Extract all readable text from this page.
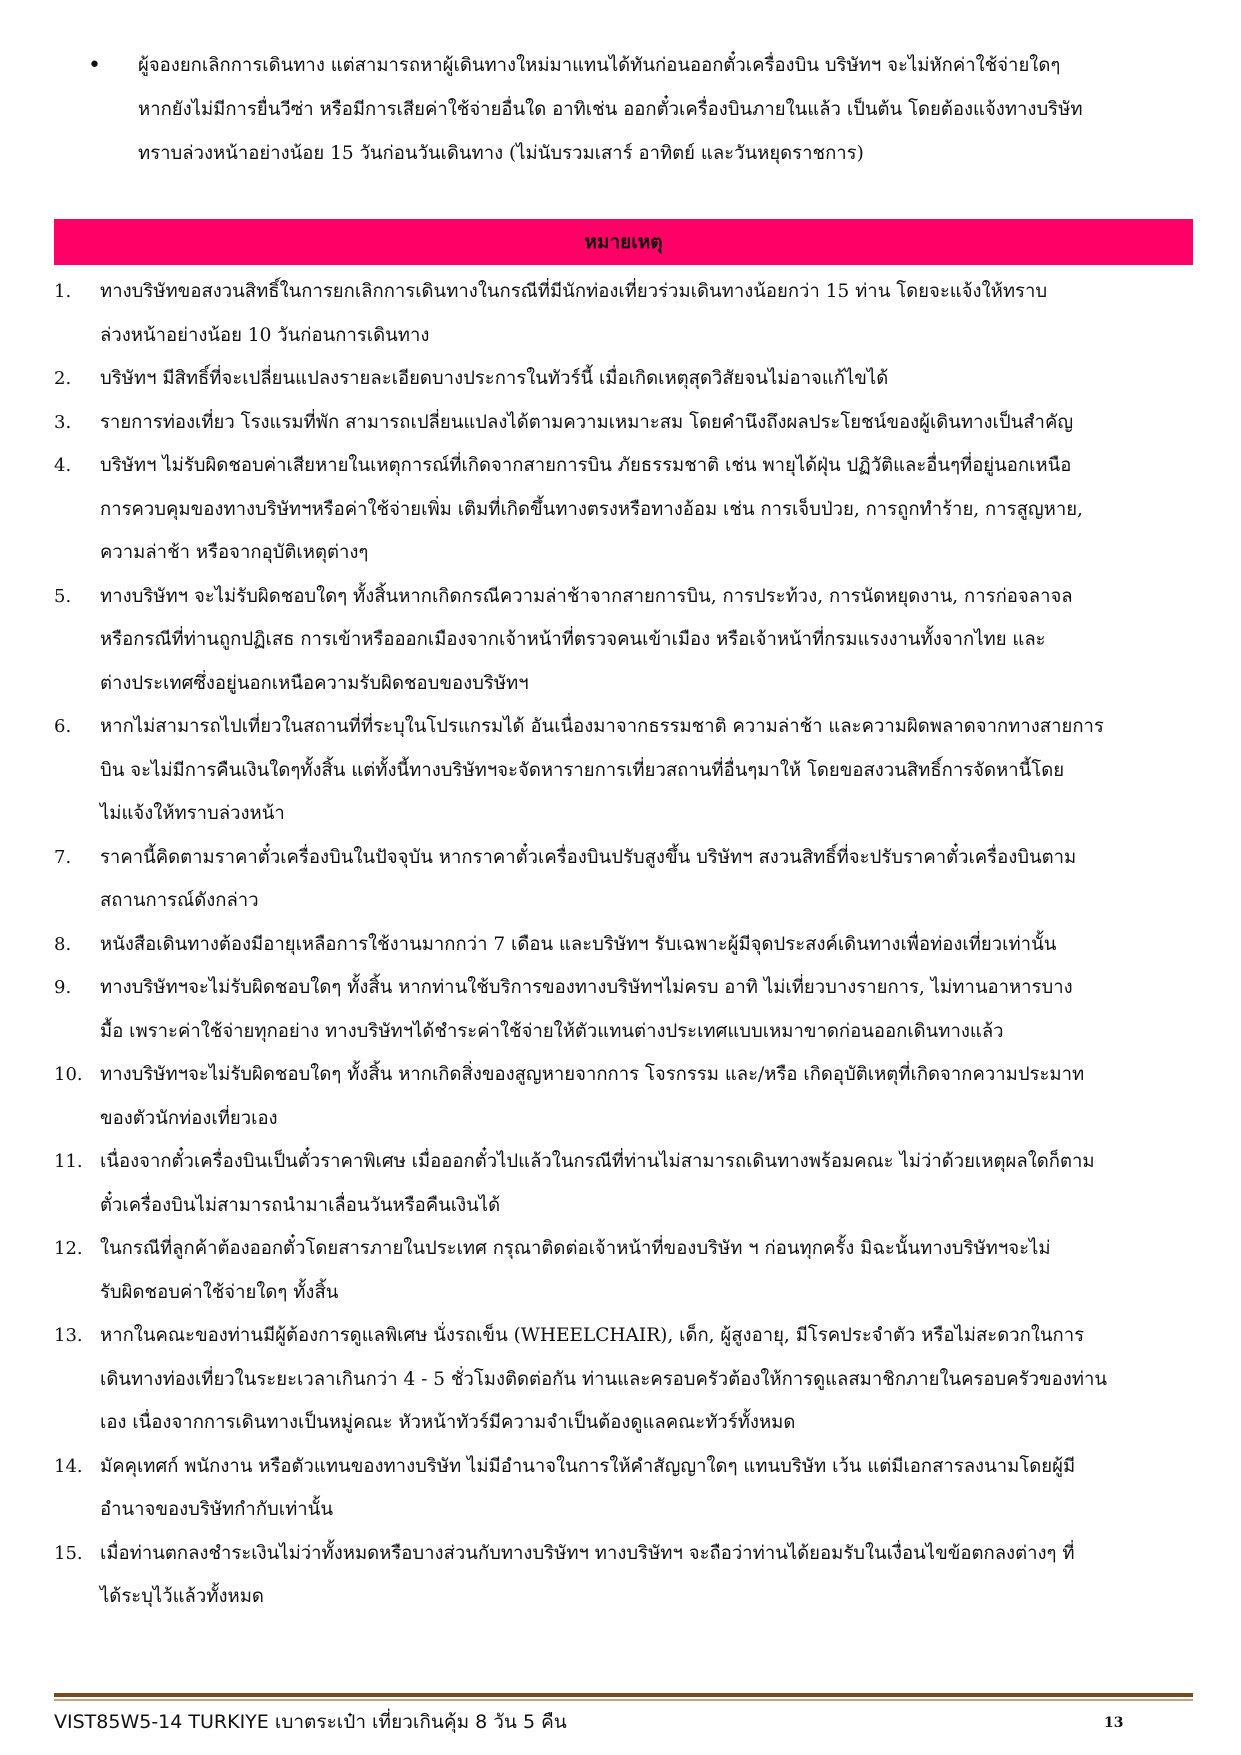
•	ผู้จองยกเลิกการเดินทาง แต่สามารถหาผู้เดินทางใหม่มาแทนได้ทันก่อนออกตั๋วเครื่องบิน บริษัทฯ จะไม่หักค่าใช้จ่ายใดๆ
หากยังไม่มีการยื่นวีซ่า หรือมีการเสียค่าใช้จ่ายอื่นใด อาทิเช่น ออกตั๋วเครื่องบินภายในแล้ว เป็นต้น โดยต้องแจ้งทางบริษัท
ทราบล่วงหน้าอย่างน้อย 15 วันก่อนวันเดินทาง (ไม่นับรวมเสาร์ อาทิตย์ และวันหยุดราชการ)
หมายเหตุ
1.	ทางบริษัทขอสงวนสิทธิ์ในการยกเลิกการเดินทางในกรณีที่มีนักท่องเที่ยวร่วมเดินทางน้อยกว่า 15 ท่าน โดยจะแจ้งให้ทราบ
ล่วงหน้าอย่างน้อย 10 วันก่อนการเดินทาง
2.	บริษัทฯ มีสิทธิ์ที่จะเปลี่ยนแปลงรายละเอียดบางประการในทัวร์นี้ เมื่อเกิดเหตุสุดวิสัยจนไม่อาจแก้ไขได้
3.	รายการท่องเที่ยว โรงแรมที่พัก สามารถเปลี่ยนแปลงได้ตามความเหมาะสม โดยคำนึงถึงผลประโยชน์ของผู้เดินทางเป็นสำคัญ
4.	บริษัทฯ ไม่รับผิดชอบค่าเสียหายในเหตุการณ์ที่เกิดจากสายการบิน ภัยธรรมชาติ เช่น พายุได้ฝุ่น ปฏิวัติและอื่นๆที่อยู่นอกเหนือ
การควบคุมของทางบริษัทฯหรือค่าใช้จ่ายเพิ่ม เติมที่เกิดขึ้นทางตรงหรือทางอ้อม เช่น การเจ็บป่วย, การถูกทำร้าย, การสูญหาย,
ความล่าช้า หรือจากอุบัติเหตุต่างๆ
5.	ทางบริษัทฯ จะไม่รับผิดชอบใดๆ ทั้งสิ้นหากเกิดกรณีความล่าช้าจากสายการบิน, การประท้วง, การนัดหยุดงาน, การก่อจลาจล
หรือกรณีที่ท่านถูกปฏิเสธ การเข้าหรือออกเมืองจากเจ้าหน้าที่ตรวจคนเข้าเมือง หรือเจ้าหน้าที่กรมแรงงานทั้งจากไทย และ
ต่างประเทศซึ่งอยู่นอกเหนือความรับผิดชอบของบริษัทฯ
6.	หากไม่สามารถไปเที่ยวในสถานที่ที่ระบุในโปรแกรมได้ อันเนื่องมาจากธรรมชาติ ความล่าช้า และความผิดพลาดจากทางสายการ
บิน จะไม่มีการคืนเงินใดๆทั้งสิ้น แต่ทั้งนี้ทางบริษัทฯจะจัดหารายการเที่ยวสถานที่อื่นๆมาให้ โดยขอสงวนสิทธิ์การจัดหานี้โดย
ไม่แจ้งให้ทราบล่วงหน้า
7.	ราคานี้คิดตามราคาตั๋วเครื่องบินในปัจจุบัน หากราคาตั๋วเครื่องบินปรับสูงขึ้น บริษัทฯ สงวนสิทธิ์ที่จะปรับราคาตั๋วเครื่องบินตาม
สถานการณ์ดังกล่าว
8.	หนังสือเดินทางต้องมีอายุเหลือการใช้งานมากกว่า 7 เดือน และบริษัทฯ รับเฉพาะผู้มีจุดประสงค์เดินทางเพื่อท่องเที่ยวเท่านั้น
9.	ทางบริษัทฯจะไม่รับผิดชอบใดๆ ทั้งสิ้น หากท่านใช้บริการของทางบริษัทฯไม่ครบ อาทิ ไม่เที่ยวบางรายการ, ไม่ทานอาหารบาง
มื้อ เพราะค่าใช้จ่ายทุกอย่าง ทางบริษัทฯได้ชำระค่าใช้จ่ายให้ตัวแทนต่างประเทศแบบเหมาขาดก่อนออกเดินทางแล้ว
10. ทางบริษัทฯจะไม่รับผิดชอบใดๆ ทั้งสิ้น หากเกิดสิ่งของสูญหายจากการ โจรกรรม และ/หรือ เกิดอุบัติเหตุที่เกิดจากความประมาท
ของตัวนักท่องเที่ยวเอง
11. เนื่องจากตั๋วเครื่องบินเป็นตั๋วราคาพิเศษ เมื่อออกตั๋วไปแล้วในกรณีที่ท่านไม่สามารถเดินทางพร้อมคณะ ไม่ว่าด้วยเหตุผลใดก็ตาม
ตั๋วเครื่องบินไม่สามารถนำมาเลื่อนวันหรือคืนเงินได้
12. ในกรณีที่ลูกค้าต้องออกตั๋วโดยสารภายในประเทศ กรุณาติดต่อเจ้าหน้าที่ของบริษัท ฯ ก่อนทุกครั้ง มิฉะนั้นทางบริษัทฯจะไม่
รับผิดชอบค่าใช้จ่ายใดๆ ทั้งสิ้น
13. หากในคณะของท่านมีผู้ต้องการดูแลพิเศษ นั่งรถเข็น (WHEELCHAIR), เด็ก, ผู้สูงอายุ, มีโรคประจำตัว หรือไม่สะดวกในการ
เดินทางท่องเที่ยวในระยะเวลาเกินกว่า 4 - 5 ชั่วโมงติดต่อกัน ท่านและครอบครัวต้องให้การดูแลสมาชิกภายในครอบครัวของท่าน
เอง เนื่องจากการเดินทางเป็นหมู่คณะ หัวหน้าทัวร์มีความจำเป็นต้องดูแลคณะทัวร์ทั้งหมด
14. มัคคุเทศก์ พนักงาน หรือตัวแทนของทางบริษัท ไม่มีอำนาจในการให้คำสัญญาใดๆ แทนบริษัท เว้น แต่มีเอกสารลงนามโดยผู้มี
อำนาจของบริษัทกำกับเท่านั้น
15. เมื่อท่านตกลงชำระเงินไม่ว่าทั้งหมดหรือบางส่วนกับทางบริษัทฯ ทางบริษัทฯ จะถือว่าท่านได้ยอมรับในเงื่อนไขข้อตกลงต่างๆ ที่
ได้ระบุไว้แล้วทั้งหมด
VIST85W5-14 TURKIYE เบาตระเป๋า เที่ยวเกินคุ้ม 8 วัน 5 คืน	13
